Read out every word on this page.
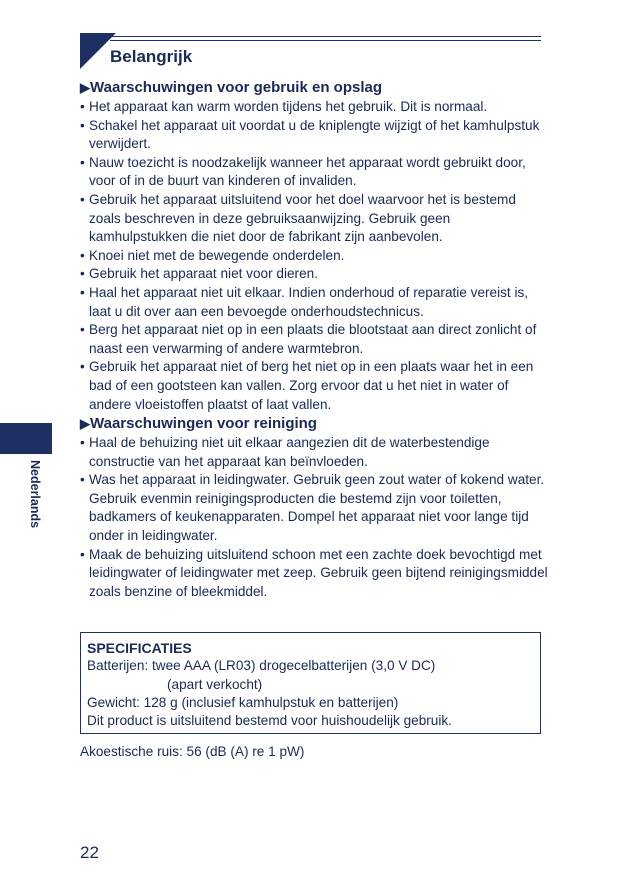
Belangrijk
Nederlands
▶Waarschuwingen voor gebruik en opslag
• Het apparaat kan warm worden tijdens het gebruik. Dit is normaal.
• Schakel het apparaat uit voordat u de kniplengte wijzigt of het kamhulpstuk verwijdert.
• Nauw toezicht is noodzakelijk wanneer het apparaat wordt gebruikt door, voor of in de buurt van kinderen of invaliden.
• Gebruik het apparaat uitsluitend voor het doel waarvoor het is bestemd zoals beschreven in deze gebruiksaanwijzing. Gebruik geen kamhulpstukken die niet door de fabrikant zijn aanbevolen.
• Knoei niet met de bewegende onderdelen.
• Gebruik het apparaat niet voor dieren.
• Haal het apparaat niet uit elkaar. Indien onderhoud of reparatie vereist is, laat u dit over aan een bevoegde onderhoudstechnicus.
• Berg het apparaat niet op in een plaats die blootstaat aan direct zonlicht of naast een verwarming of andere warmtebron.
• Gebruik het apparaat niet of berg het niet op in een plaats waar het in een bad of een gootsteen kan vallen. Zorg ervoor dat u het niet in water of andere vloeistoffen plaatst of laat vallen.
▶Waarschuwingen voor reiniging
• Haal de behuizing niet uit elkaar aangezien dit de waterbestendige constructie van het apparaat kan beïnvloeden.
• Was het apparaat in leidingwater. Gebruik geen zout water of kokend water. Gebruik evenmin reinigingsproducten die bestemd zijn voor toiletten, badkamers of keukenapparaten. Dompel het apparaat niet voor lange tijd onder in leidingwater.
• Maak de behuizing uitsluitend schoon met een zachte doek bevochtigd met leidingwater of leidingwater met zeep. Gebruik geen bijtend reinigingsmiddel zoals benzine of bleekmiddel.
SPECIFICATIES
Batterijen: twee AAA (LR03) drogecelbatterijen (3,0 V DC)
(apart verkocht)
Gewicht: 128 g (inclusief kamhulpstuk en batterijen)
Dit product is uitsluitend bestemd voor huishoudelijk gebruik.
Akoestische ruis: 56 (dB (A) re 1 pW)
22
